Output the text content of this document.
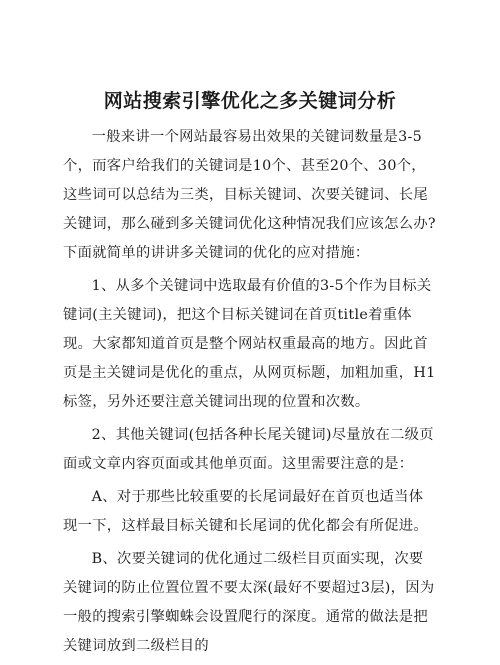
网站搜索引擎优化之多关键词分析

一般来讲一个网站最容易出效果的关键词数量是3-5个，而客户给我们的关键词是10个、甚至20个、30个，这些词可以总结为三类，目标关键词、次要关键词、长尾关键词，那么碰到多关键词优化这种情况我们应该怎么办?下面就简单的讲讲多关键词的优化的应对措施：

1、从多个关键词中选取最有价值的3-5个作为目标关键词(主关键词)，把这个目标关键词在首页title着重体现。大家都知道首页是整个网站权重最高的地方。因此首页是主关键词是优化的重点，从网页标题，加粗加重，H1标签，另外还要注意关键词出现的位置和次数。

2、其他关键词(包括各种长尾关键词)尽量放在二级页面或文章内容页面或其他单页面。这里需要注意的是：

A、对于那些比较重要的长尾词最好在首页也适当体现一下，这样最目标关键和长尾词的优化都会有所促进。

B、次要关键词的优化通过二级栏目页面实现，次要关键词的防止位置位置不要太深(最好不要超过3层)，因为一般的搜索引擎蜘蛛会设置爬行的深度。通常的做法是把关键词放到二级栏目的
